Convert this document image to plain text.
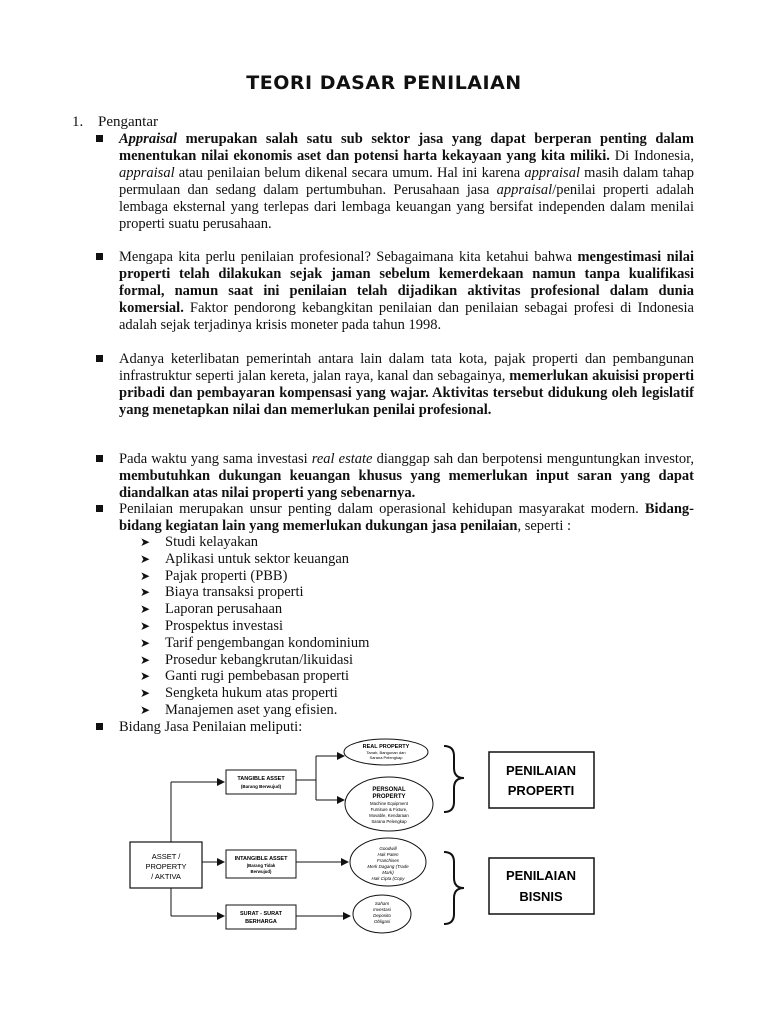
TEORI DASAR PENILAIAN
1. Pengantar
Appraisal merupakan salah satu sub sektor jasa yang dapat berperan penting dalam menentukan nilai ekonomis aset dan potensi harta kekayaan yang kita miliki. Di Indonesia, appraisal atau penilaian belum dikenal secara umum. Hal ini karena appraisal masih dalam tahap permulaan dan sedang dalam pertumbuhan. Perusahaan jasa appraisal/penilai properti adalah lembaga eksternal yang terlepas dari lembaga keuangan yang bersifat independen dalam menilai properti suatu perusahaan.
Mengapa kita perlu penilaian profesional? Sebagaimana kita ketahui bahwa mengestimasi nilai properti telah dilakukan sejak jaman sebelum kemerdekaan namun tanpa kualifikasi formal, namun saat ini penilaian telah dijadikan aktivitas profesional dalam dunia komersial. Faktor pendorong kebangkitan penilaian dan penilaian sebagai profesi di Indonesia adalah sejak terjadinya krisis moneter pada tahun 1998.
Adanya keterlibatan pemerintah antara lain dalam tata kota, pajak properti dan pembangunan infrastruktur seperti jalan kereta, jalan raya, kanal dan sebagainya, memerlukan akuisisi properti pribadi dan pembayaran kompensasi yang wajar. Aktivitas tersebut didukung oleh legislatif yang menetapkan nilai dan memerlukan penilai profesional.
Pada waktu yang sama investasi real estate dianggap sah dan berpotensi menguntungkan investor, membutuhkan dukungan keuangan khusus yang memerlukan input saran yang dapat diandalkan atas nilai properti yang sebenarnya.
Penilaian merupakan unsur penting dalam operasional kehidupan masyarakat modern. Bidang-bidang kegiatan lain yang memerlukan dukungan jasa penilaian, seperti :
➤ Studi kelayakan
➤ Aplikasi untuk sektor keuangan
➤ Pajak properti (PBB)
➤ Biaya transaksi properti
➤ Laporan perusahaan
➤ Prospektus investasi
➤ Tarif pengembangan kondominium
➤ Prosedur kebangkrutan/likuidasi
➤ Ganti rugi pembebasan properti
➤ Sengketa hukum atas properti
➤ Manajemen aset yang efisien.
Bidang Jasa Penilaian meliputi:
ASSET /
PROPERTY
/ AKTIVA
TANGIBLE ASSET
(Barang Berwujud)
INTANGIBLE ASSET
(Barang Tidak
Berwujud)
SURAT - SURAT
BERHARGA
REAL PROPERTY
Tanah, Bangunan dan
Sarana Pelengkap
PERSONAL
PROPERTY
Machine Equipment
Furniture & Fixture,
Movable, Kendaraan
Sarana Pelengkap
Goodwill
Hak Paten
Franchises
Merk Dagang (Trade
Mark)
Hak Cipta (Copy
Saham
Investasi
Deposito
Obligasi
PENILAIAN
PROPERTI
PENILAIAN
BISNIS
